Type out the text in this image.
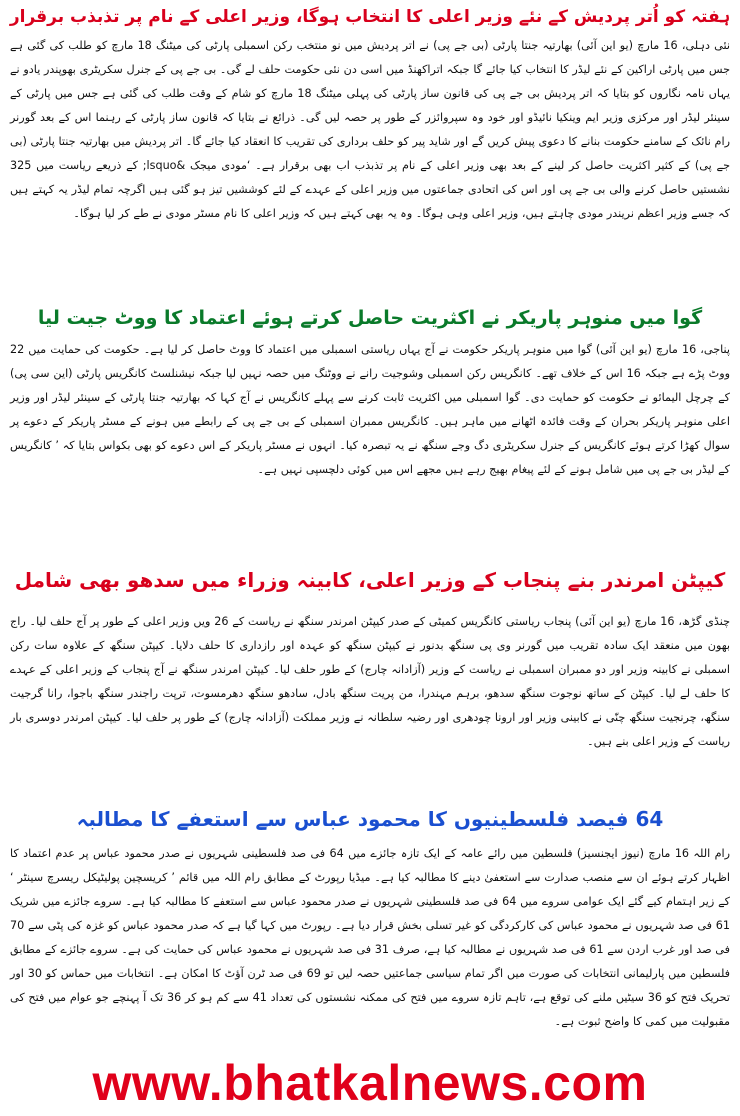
ہفتہ کو اُتر پردیش کے نئے وزیر اعلی کا انتخاب ہوگا، وزیر اعلی کے نام پر تذبذب برقرار

نئی دہلی، 16 مارچ (یو این آئی) بھارتیہ جنتا پارٹی (بی جے پی) نے اتر پردیش میں نو منتخب رکن اسمبلی پارٹی کی میٹنگ 18 مارچ کو طلب کی گئی ہے جس میں پارٹی اراکین کے نئے لیڈر کا انتخاب کیا جائے گا جبکہ اتراکھنڈ میں اسی دن نئی حکومت حلف لے گی۔ بی جے پی کے جنرل سکریٹری بھوپندر یادو نے یہاں نامہ نگاروں کو بتایا کہ اتر پردیش بی جے پی کی قانون ساز پارٹی کی پہلی میٹنگ 18 مارچ کو شام کے وقت طلب کی گئی ہے جس میں پارٹی کے سینئر لیڈر اور مرکزی وزیر ایم وینکیا نائیڈو اور خود وہ سپروائزر کے طور پر حصہ لیں گی۔ ذرائع نے بتایا کہ قانون ساز پارٹی کے رہنما اس کے بعد گورنر رام نائک کے سامنے حکومت بنانے کا دعوی پیش کریں گے اور شاید پیر کو حلف برداری کی تقریب کا انعقاد کیا جائے گا۔ اتر پردیش میں بھارتیہ جنتا پارٹی (بی جے پی) کے کثیر اکثریت حاصل کر لینے کے بعد بھی وزیر اعلی کے نام پر تذبذب اب بھی برقرار ہے۔ ‘مودی میجک &lsquo; کے ذریعے ریاست میں 325 نشستیں حاصل کرنے والی بی جے پی اور اس کی اتحادی جماعتوں میں وزیر اعلی کے عہدے کے لئے کوششیں تیز ہو گئی ہیں اگرچہ تمام لیڈر یہ کہتے ہیں کہ جسے وزیر اعظم نریندر مودی چاہتے ہیں، وزیر اعلی وہی ہوگا۔ وہ یہ بھی کہتے ہیں کہ وزیر اعلی کا نام مسٹر مودی نے طے کر لیا ہوگا۔

گوا میں منوہر پاریکر نے اکثریت حاصل کرتے ہوئے اعتماد کا ووٹ جیت لیا

پناجی، 16 مارچ (یو این آئی) گوا میں منوہر پاریکر حکومت نے آج یہاں ریاستی اسمبلی میں اعتماد کا ووٹ حاصل کر لیا ہے۔ حکومت کی حمایت میں 22 ووٹ پڑے ہے جبکہ 16 اس کے خلاف تھے۔ کانگریس رکن اسمبلی وشوجیت رانے نے ووٹنگ میں حصہ نہیں لیا جبکہ نیشنلسٹ کانگریس پارٹی (این سی پی) کے چرچل الیمائو نے حکومت کو حمایت دی۔ گوا اسمبلی میں اکثریت ثابت کرنے سے پہلے کانگریس نے آج کہا کہ بھارتیہ جنتا پارٹی کے سینئر لیڈر اور وزیر اعلی منوہر پاریکر بحران کے وقت فائدہ اٹھانے میں ماہر ہیں۔ کانگریس ممبران اسمبلی کے بی جے پی کے رابطے میں ہونے کے مسٹر پاریکر کے دعوے پر سوال کھڑا کرتے ہوئے کانگریس کے جنرل سکریٹری دگ وجے سنگھ نے یہ تبصرہ کیا۔ انہوں نے مسٹر پاریکر کے اس دعوے کو بھی بکواس بتایا کہ ’ کانگریس کے لیڈر بی جے پی میں شامل ہونے کے لئے پیغام بھیج رہے ہیں مجھے اس میں کوئی دلچسپی نہیں ہے۔

کیپٹن امرندر بنے پنجاب کے وزیر اعلی، کابینہ وزراء میں سدھو بھی شامل

چنڈی گڑھ، 16 مارچ (یو این آئی) پنجاب ریاستی کانگریس کمیٹی کے صدر کیپٹن امرندر سنگھ نے ریاست کے 26 ویں وزیر اعلی کے طور پر آج حلف لیا۔ راج بھون میں منعقد ایک سادہ تقریب میں گورنر وی پی سنگھ بدنور نے کیپٹن سنگھ کو عہدہ اور رازداری کا حلف دلایا۔ کیپٹن سنگھ کے علاوہ سات رکن اسمبلی نے کابینہ وزیر اور دو ممبران اسمبلی نے ریاست کے وزیر (آزادانہ چارج) کے طور حلف لیا۔ کیپٹن امرندر سنگھ نے آج پنجاب کے وزیر اعلی کے عہدے کا حلف لے لیا۔ کیپٹن کے ساتھ نوجوت سنگھ سدھو، برہم مہندرا، من پریت سنگھ بادل، سادھو سنگھ دھرمسوت، ترپت راجندر سنگھ باجوا، رانا گرجیت سنگھ، چرنجیت سنگھ چنّی نے کابینی وزیر اور ارونا چودھری اور رضیہ سلطانہ نے وزیر مملکت (آزادانہ چارج) کے طور پر حلف لیا۔ کیپٹن امرندر دوسری بار ریاست کے وزیر اعلی بنے ہیں۔

64 فیصد فلسطینیوں کا محمود عباس سے استعفے کا مطالبہ

رام اللہ 16 مارچ (نیوز ایجنسیز) فلسطین میں رائے عامہ کے ایک تازہ جائزے میں 64 فی صد فلسطینی شہریوں نے صدر محمود عباس پر عدم اعتماد کا اظہار کرتے ہوئے ان سے منصب صدارت سے استعفیٰ دینے کا مطالبہ کیا ہے۔ میڈیا رپورٹ کے مطابق رام اللہ میں قائم ’ کریسچین پولیٹیکل ریسرچ سینٹر ‘ کے زیر اہتمام کیے گئے ایک عوامی سروے میں 64 فی صد فلسطینی شہریوں نے صدر محمود عباس سے استعفے کا مطالبہ کیا ہے۔ سروے جائزے میں شریک 61 فی صد شہریوں نے محمود عباس کی کارکردگی کو غیر تسلی بخش قرار دیا ہے۔ رپورٹ میں کہا گیا ہے کہ صدر محمود عباس کو غزہ کی پٹی سے 70 فی صد اور غرب اردن سے 61 فی صد شہریوں نے مطالبہ کیا ہے، صرف 31 فی صد شہریوں نے محمود عباس کی حمایت کی ہے۔ سروے جائزے کے مطابق فلسطین میں پارلیمانی انتخابات کی صورت میں اگر تمام سیاسی جماعتیں حصہ لیں تو 69 فی صد ٹرن آؤٹ کا امکان ہے۔ انتخابات میں حماس کو 30 اور تحریک فتح کو 36 سیٹیں ملنے کی توقع ہے، تاہم تازہ سروے میں فتح کی ممکنہ نشستوں کی تعداد 41 سے کم ہو کر 36 تک آ پہنچے جو عوام میں فتح کی مقبولیت میں کمی کا واضح ثبوت ہے۔

www.bhatkalnews.com
